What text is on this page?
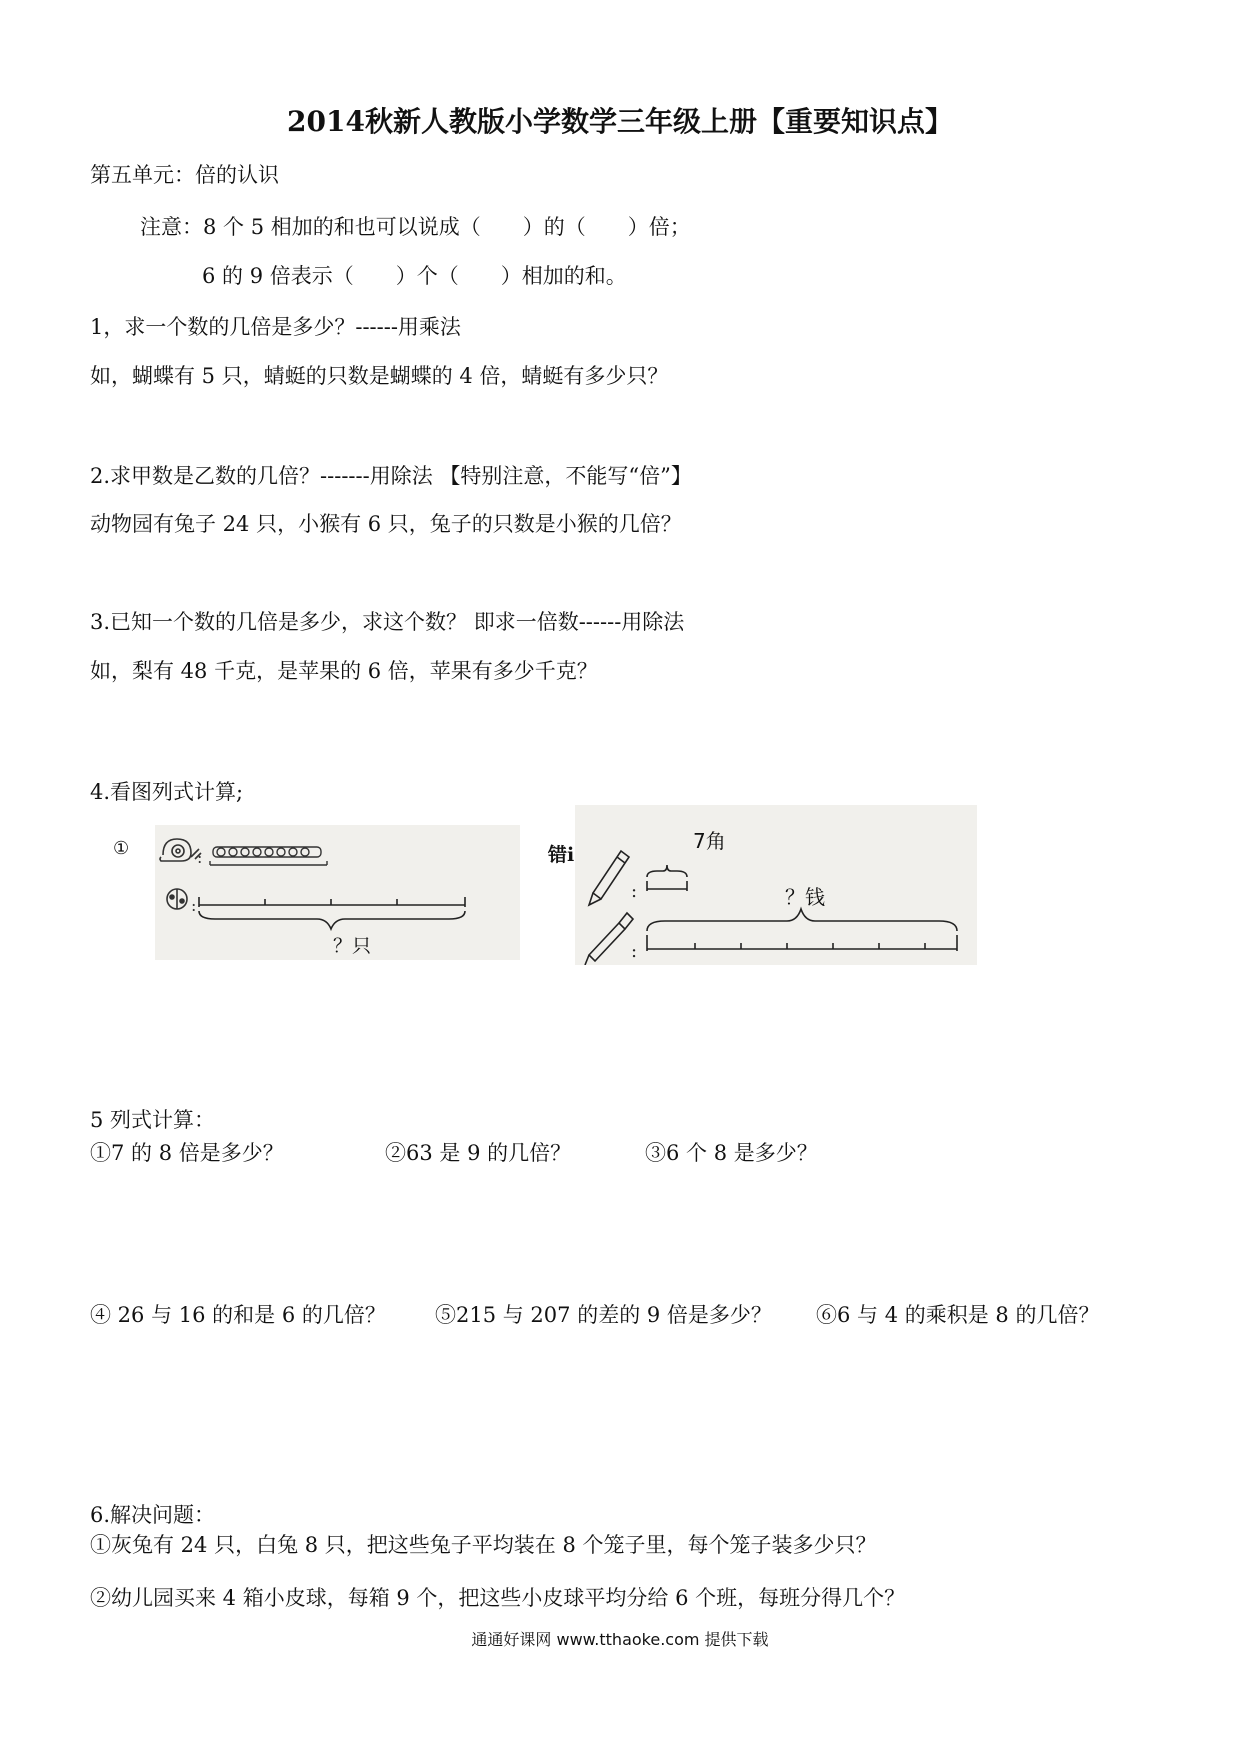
2014秋新人教版小学数学三年级上册【重要知识点】
第五单元：倍的认识
注意：8 个 5 相加的和也可以说成（　　）的（　　）倍；
6 的 9 倍表示（　　）个（　　）相加的和。
1，求一个数的几倍是多少？------用乘法
如，蝴蝶有 5 只，蜻蜓的只数是蝴蝶的 4 倍，蜻蜓有多少只？
2.求甲数是乙数的几倍？-------用除法 【特别注意，不能写“倍”】
动物园有兔子 24 只，小猴有 6 只，兔子的只数是小猴的几倍？
3.已知一个数的几倍是多少，求这个数？ 即求一倍数------用除法
如，梨有 48 千克，是苹果的 6 倍，苹果有多少千克？
4.看图列式计算;
:
:
？只
①	错i
:
:
7角
？钱
5 列式计算：
①7 的 8 倍是多少？	②63 是 9 的几倍？	③6 个 8 是多少？
④ 26 与 16 的和是 6 的几倍？ ⑤215 与 207 的差的 9 倍是多少？ ⑥6 与 4 的乘积是 8 的几倍？
6.解决问题：
①灰兔有 24 只，白兔 8 只，把这些兔子平均装在 8 个笼子里，每个笼子装多少只？
②幼儿园买来 4 箱小皮球，每箱 9 个，把这些小皮球平均分给 6 个班，每班分得几个？
通通好课网 www.tthaoke.com 提供下载
